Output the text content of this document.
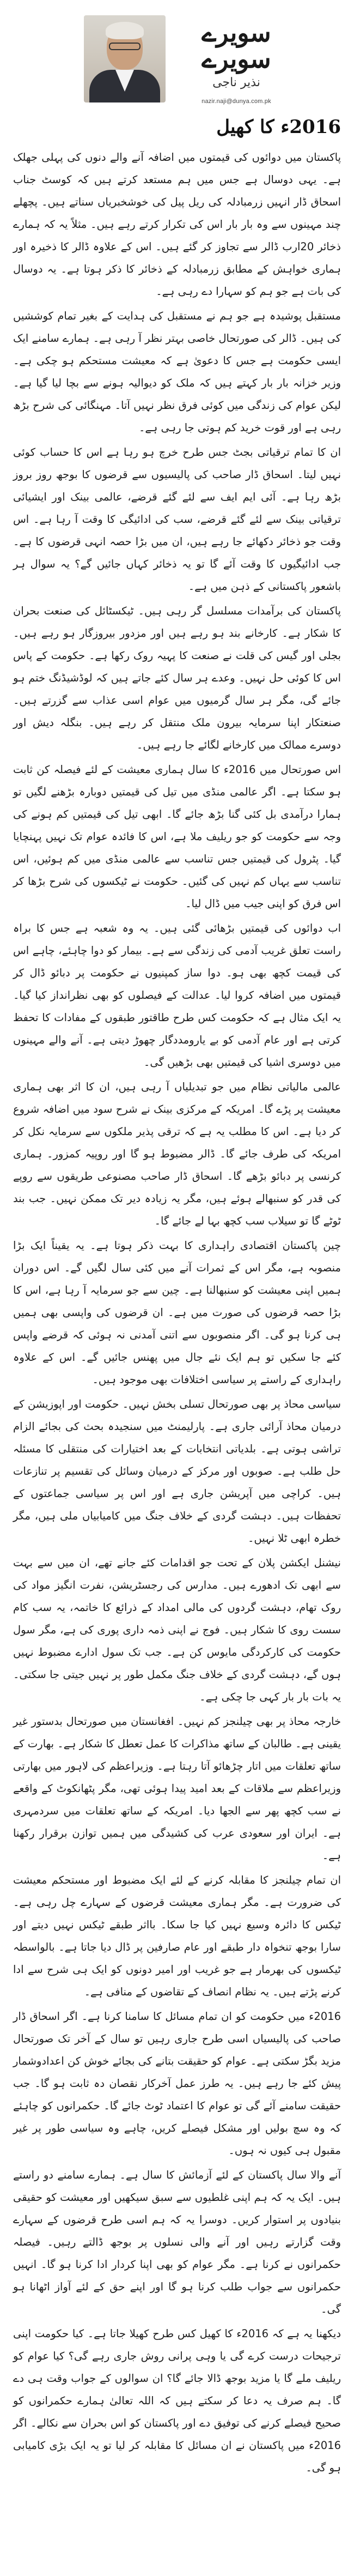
سویرے سویرے
نذیر ناجی
nazir.naji@dunya.com.pk
2016ء کا کھیل

پاکستان میں دوائوں کی قیمتوں میں اضافہ آنے والے دنوں کی پہلی جھلک ہے۔ یہی دوسال ہے جس میں ہم مستعد کرتے ہیں کہ کوسٹ جناب اسحاق ڈار انہیں زرمبادلہ کی ریل پیل کی خوشخبریاں سناتے ہیں۔ پچھلے چند مہینوں سے وہ بار بار اس کی تکرار کرتے رہے ہیں۔ مثلاً یہ کہ ہمارے ذخائر 20ارب ڈالر سے تجاوز کر گئے ہیں۔ اس کے علاوہ ڈالر کا ذخیرہ اور ہماری خواہش کے مطابق زرمبادلہ کے ذخائر کا ذکر ہوتا ہے۔ یہ دوسال کی بات ہے جو ہم کو سہارا دے رہی ہے۔

مستقبل پوشیدہ ہے جو ہم نے مستقبل کی ہدایت کے بغیر تمام کوششیں کی ہیں۔ ڈالر کی صورتحال خاصی بہتر نظر آ رہی ہے۔ ہمارے سامنے ایک ایسی حکومت ہے جس کا دعویٰ ہے کہ معیشت مستحکم ہو چکی ہے۔ وزیر خزانہ بار بار کہتے ہیں کہ ملک کو دیوالیہ ہونے سے بچا لیا گیا ہے۔ لیکن عوام کی زندگی میں کوئی فرق نظر نہیں آتا۔ مہنگائی کی شرح بڑھ رہی ہے اور قوت خرید کم ہوتی جا رہی ہے۔

ان کا تمام ترقیاتی بجٹ جس طرح خرچ ہو رہا ہے اس کا حساب کوئی نہیں لیتا۔ اسحاق ڈار صاحب کی پالیسیوں سے قرضوں کا بوجھ روز بروز بڑھ رہا ہے۔ آئی ایم ایف سے لئے گئے قرضے، عالمی بینک اور ایشیائی ترقیاتی بینک سے لئے گئے قرضے، سب کی ادائیگی کا وقت آ رہا ہے۔ اس وقت جو ذخائر دکھائے جا رہے ہیں، ان میں بڑا حصہ انہی قرضوں کا ہے۔ جب ادائیگیوں کا وقت آئے گا تو یہ ذخائر کہاں جائیں گے؟ یہ سوال ہر باشعور پاکستانی کے ذہن میں ہے۔

پاکستان کی برآمدات مسلسل گر رہی ہیں۔ ٹیکسٹائل کی صنعت بحران کا شکار ہے۔ کارخانے بند ہو رہے ہیں اور مزدور بیروزگار ہو رہے ہیں۔ بجلی اور گیس کی قلت نے صنعت کا پہیہ روک رکھا ہے۔ حکومت کے پاس اس کا کوئی حل نہیں۔ وعدے ہر سال کئے جاتے ہیں کہ لوڈشیڈنگ ختم ہو جائے گی، مگر ہر سال گرمیوں میں عوام اسی عذاب سے گزرتے ہیں۔ صنعتکار اپنا سرمایہ بیرون ملک منتقل کر رہے ہیں۔ بنگلہ دیش اور دوسرے ممالک میں کارخانے لگائے جا رہے ہیں۔

اس صورتحال میں 2016ء کا سال ہماری معیشت کے لئے فیصلہ کن ثابت ہو سکتا ہے۔ اگر عالمی منڈی میں تیل کی قیمتیں دوبارہ بڑھنے لگیں تو ہمارا درآمدی بل کئی گنا بڑھ جائے گا۔ ابھی تیل کی قیمتیں کم ہونے کی وجہ سے حکومت کو جو ریلیف ملا ہے، اس کا فائدہ عوام تک نہیں پہنچایا گیا۔ پٹرول کی قیمتیں جس تناسب سے عالمی منڈی میں کم ہوئیں، اس تناسب سے یہاں کم نہیں کی گئیں۔ حکومت نے ٹیکسوں کی شرح بڑھا کر اس فرق کو اپنی جیب میں ڈال لیا۔

اب دوائوں کی قیمتیں بڑھائی گئی ہیں۔ یہ وہ شعبہ ہے جس کا براہ راست تعلق غریب آدمی کی زندگی سے ہے۔ بیمار کو دوا چاہئے، چاہے اس کی قیمت کچھ بھی ہو۔ دوا ساز کمپنیوں نے حکومت پر دبائو ڈال کر قیمتوں میں اضافہ کروا لیا۔ عدالت کے فیصلوں کو بھی نظرانداز کیا گیا۔ یہ ایک مثال ہے کہ حکومت کس طرح طاقتور طبقوں کے مفادات کا تحفظ کرتی ہے اور عام آدمی کو بے یارومددگار چھوڑ دیتی ہے۔ آنے والے مہینوں میں دوسری اشیا کی قیمتیں بھی بڑھیں گی۔

عالمی مالیاتی نظام میں جو تبدیلیاں آ رہی ہیں، ان کا اثر بھی ہماری معیشت پر پڑے گا۔ امریکہ کے مرکزی بینک نے شرح سود میں اضافہ شروع کر دیا ہے۔ اس کا مطلب یہ ہے کہ ترقی پذیر ملکوں سے سرمایہ نکل کر امریکہ کی طرف جائے گا۔ ڈالر مضبوط ہو گا اور روپیہ کمزور۔ ہماری کرنسی پر دبائو بڑھے گا۔ اسحاق ڈار صاحب مصنوعی طریقوں سے روپے کی قدر کو سنبھالے ہوئے ہیں، مگر یہ زیادہ دیر تک ممکن نہیں۔ جب بند ٹوٹے گا تو سیلاب سب کچھ بہا لے جائے گا۔

چین پاکستان اقتصادی راہداری کا بہت ذکر ہوتا ہے۔ یہ یقیناً ایک بڑا منصوبہ ہے، مگر اس کے ثمرات آنے میں کئی سال لگیں گے۔ اس دوران ہمیں اپنی معیشت کو سنبھالنا ہے۔ چین سے جو سرمایہ آ رہا ہے، اس کا بڑا حصہ قرضوں کی صورت میں ہے۔ ان قرضوں کی واپسی بھی ہمیں ہی کرنا ہو گی۔ اگر منصوبوں سے اتنی آمدنی نہ ہوئی کہ قرضے واپس کئے جا سکیں تو ہم ایک نئے جال میں پھنس جائیں گے۔ اس کے علاوہ راہداری کے راستے پر سیاسی اختلافات بھی موجود ہیں۔

سیاسی محاذ پر بھی صورتحال تسلی بخش نہیں۔ حکومت اور اپوزیشن کے درمیان محاذ آرائی جاری ہے۔ پارلیمنٹ میں سنجیدہ بحث کی بجائے الزام تراشی ہوتی ہے۔ بلدیاتی انتخابات کے بعد اختیارات کی منتقلی کا مسئلہ حل طلب ہے۔ صوبوں اور مرکز کے درمیان وسائل کی تقسیم پر تنازعات ہیں۔ کراچی میں آپریشن جاری ہے اور اس پر سیاسی جماعتوں کے تحفظات ہیں۔ دہشت گردی کے خلاف جنگ میں کامیابیاں ملی ہیں، مگر خطرہ ابھی ٹلا نہیں۔

نیشنل ایکشن پلان کے تحت جو اقدامات کئے جانے تھے، ان میں سے بہت سے ابھی تک ادھورے ہیں۔ مدارس کی رجسٹریشن، نفرت انگیز مواد کی روک تھام، دہشت گردوں کی مالی امداد کے ذرائع کا خاتمہ، یہ سب کام سست روی کا شکار ہیں۔ فوج نے اپنی ذمہ داری پوری کی ہے، مگر سول حکومت کی کارکردگی مایوس کن ہے۔ جب تک سول ادارے مضبوط نہیں ہوں گے، دہشت گردی کے خلاف جنگ مکمل طور پر نہیں جیتی جا سکتی۔ یہ بات بار بار کہی جا چکی ہے۔

خارجہ محاذ پر بھی چیلنجز کم نہیں۔ افغانستان میں صورتحال بدستور غیر یقینی ہے۔ طالبان کے ساتھ مذاکرات کا عمل تعطل کا شکار ہے۔ بھارت کے ساتھ تعلقات میں اتار چڑھائو آتا رہتا ہے۔ وزیراعظم کی لاہور میں بھارتی وزیراعظم سے ملاقات کے بعد امید پیدا ہوئی تھی، مگر پٹھانکوٹ کے واقعے نے سب کچھ پھر سے الجھا دیا۔ امریکہ کے ساتھ تعلقات میں سردمہری ہے۔ ایران اور سعودی عرب کی کشیدگی میں ہمیں توازن برقرار رکھنا ہے۔

ان تمام چیلنجز کا مقابلہ کرنے کے لئے ایک مضبوط اور مستحکم معیشت کی ضرورت ہے۔ مگر ہماری معیشت قرضوں کے سہارے چل رہی ہے۔ ٹیکس کا دائرہ وسیع نہیں کیا جا سکا۔ بااثر طبقے ٹیکس نہیں دیتے اور سارا بوجھ تنخواہ دار طبقے اور عام صارفین پر ڈال دیا جاتا ہے۔ بالواسطہ ٹیکسوں کی بھرمار ہے جو غریب اور امیر دونوں کو ایک ہی شرح سے ادا کرنے پڑتے ہیں۔ یہ نظام انصاف کے تقاضوں کے منافی ہے۔

2016ء میں حکومت کو ان تمام مسائل کا سامنا کرنا ہے۔ اگر اسحاق ڈار صاحب کی پالیسیاں اسی طرح جاری رہیں تو سال کے آخر تک صورتحال مزید بگڑ سکتی ہے۔ عوام کو حقیقت بتانے کی بجائے خوش کن اعدادوشمار پیش کئے جا رہے ہیں۔ یہ طرز عمل آخرکار نقصان دہ ثابت ہو گا۔ جب حقیقت سامنے آئے گی تو عوام کا اعتماد ٹوٹ جائے گا۔ حکمرانوں کو چاہئے کہ وہ سچ بولیں اور مشکل فیصلے کریں، چاہے وہ سیاسی طور پر غیر مقبول ہی کیوں نہ ہوں۔

آنے والا سال پاکستان کے لئے آزمائش کا سال ہے۔ ہمارے سامنے دو راستے ہیں۔ ایک یہ کہ ہم اپنی غلطیوں سے سبق سیکھیں اور معیشت کو حقیقی بنیادوں پر استوار کریں۔ دوسرا یہ کہ ہم اسی طرح قرضوں کے سہارے وقت گزارتے رہیں اور آنے والی نسلوں پر بوجھ ڈالتے رہیں۔ فیصلہ حکمرانوں نے کرنا ہے۔ مگر عوام کو بھی اپنا کردار ادا کرنا ہو گا۔ انہیں حکمرانوں سے جواب طلب کرنا ہو گا اور اپنے حق کے لئے آواز اٹھانا ہو گی۔

دیکھنا یہ ہے کہ 2016ء کا کھیل کس طرح کھیلا جاتا ہے۔ کیا حکومت اپنی ترجیحات درست کرے گی یا وہی پرانی روش جاری رہے گی؟ کیا عوام کو ریلیف ملے گا یا مزید بوجھ ڈالا جائے گا؟ ان سوالوں کے جواب وقت ہی دے گا۔ ہم صرف یہ دعا کر سکتے ہیں کہ اللہ تعالیٰ ہمارے حکمرانوں کو صحیح فیصلے کرنے کی توفیق دے اور پاکستان کو اس بحران سے نکالے۔ اگر 2016ء میں پاکستان نے ان مسائل کا مقابلہ کر لیا تو یہ ایک بڑی کامیابی ہو گی۔
